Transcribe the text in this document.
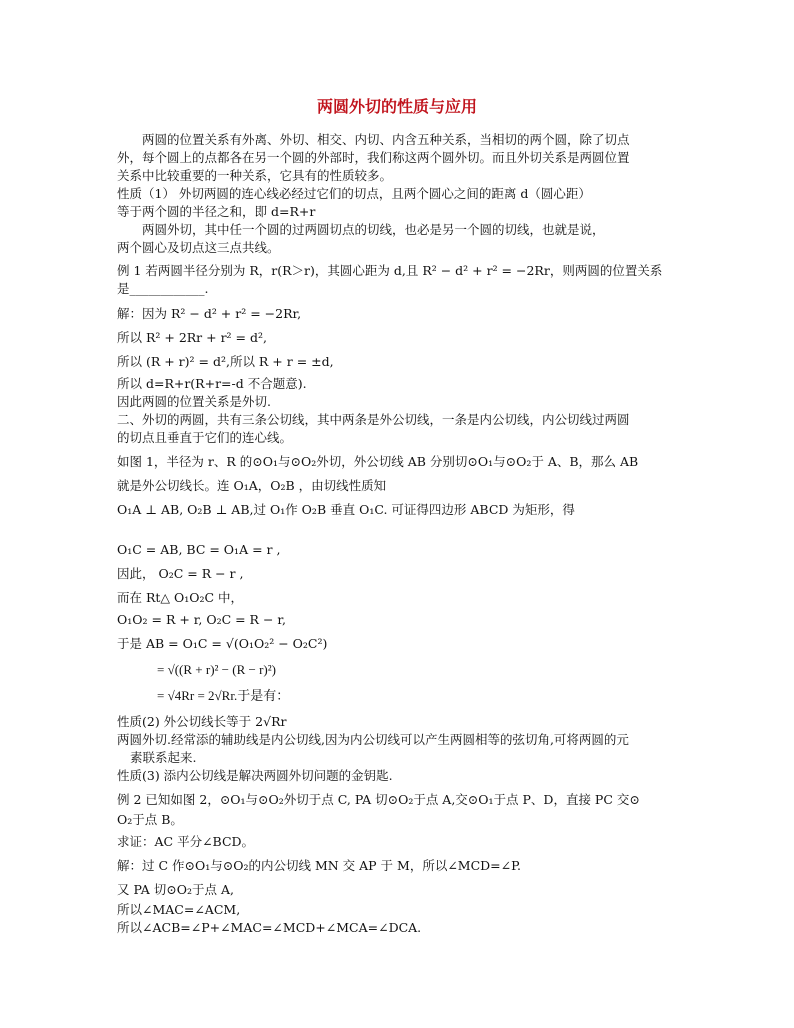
两圆外切的性质与应用
两圆的位置关系有外离、外切、相交、内切、内含五种关系，当相切的两个圆，除了切点
外，每个圆上的点都各在另一个圆的外部时，我们称这两个圆外切。而且外切关系是两圆位置
关系中比较重要的一种关系，它具有的性质较多。
性质（1） 外切两圆的连心线必经过它们的切点，且两个圆心之间的距离 d（圆心距）
等于两个圆的半径之和，即 d=R+r
两圆外切，其中任一个圆的过两圆切点的切线，也必是另一个圆的切线，也就是说，
两个圆心及切点这三点共线。
例 1 若两圆半径分别为 R，r(R＞r)，其圆心距为 d,且 R² − d² + r² = −2Rr，则两圆的位置关系
是____________.
解：因为 R² − d² + r² = −2Rr,
所以 R² + 2Rr + r² = d²,
所以 (R + r)² = d²,所以 R + r = ±d,
所以 d=R+r(R+r=-d 不合题意).
因此两圆的位置关系是外切.
二、外切的两圆，共有三条公切线，其中两条是外公切线，一条是内公切线，内公切线过两圆
的切点且垂直于它们的连心线。
如图 1，半径为 r、R 的⊙O₁与⊙O₂外切，外公切线 AB 分别切⊙O₁与⊙O₂于 A、B，那么 AB
就是外公切线长。连 O₁A，O₂B ，由切线性质知
O₁A ⊥ AB, O₂B ⊥ AB,过 O₁作 O₂B 垂直 O₁C. 可证得四边形 ABCD 为矩形，得
O₁C = AB, BC = O₁A = r ,
因此， O₂C = R − r ,
而在 Rt△ O₁O₂C 中，
O₁O₂ = R + r, O₂C = R − r,
于是 AB = O₁C = √(O₁O₂² − O₂C²)
= √((R + r)² − (R − r)²)
= √4Rr = 2√Rr.于是有：
性质(2) 外公切线长等于 2√Rr
两圆外切.经常添的辅助线是内公切线,因为内公切线可以产生两圆相等的弦切角,可将两圆的元
素联系起来.
性质(3) 添内公切线是解决两圆外切问题的金钥匙.
例 2 已知如图 2，⊙O₁与⊙O₂外切于点 C, PA 切⊙O₂于点 A,交⊙O₁于点 P、D，直接 PC 交⊙
O₂于点 B。
求证：AC 平分∠BCD。
解：过 C 作⊙O₁与⊙O₂的内公切线 MN 交 AP 于 M，所以∠MCD=∠P.
又 PA 切⊙O₂于点 A,
所以∠MAC=∠ACM,
所以∠ACB=∠P+∠MAC=∠MCD+∠MCA=∠DCA.
